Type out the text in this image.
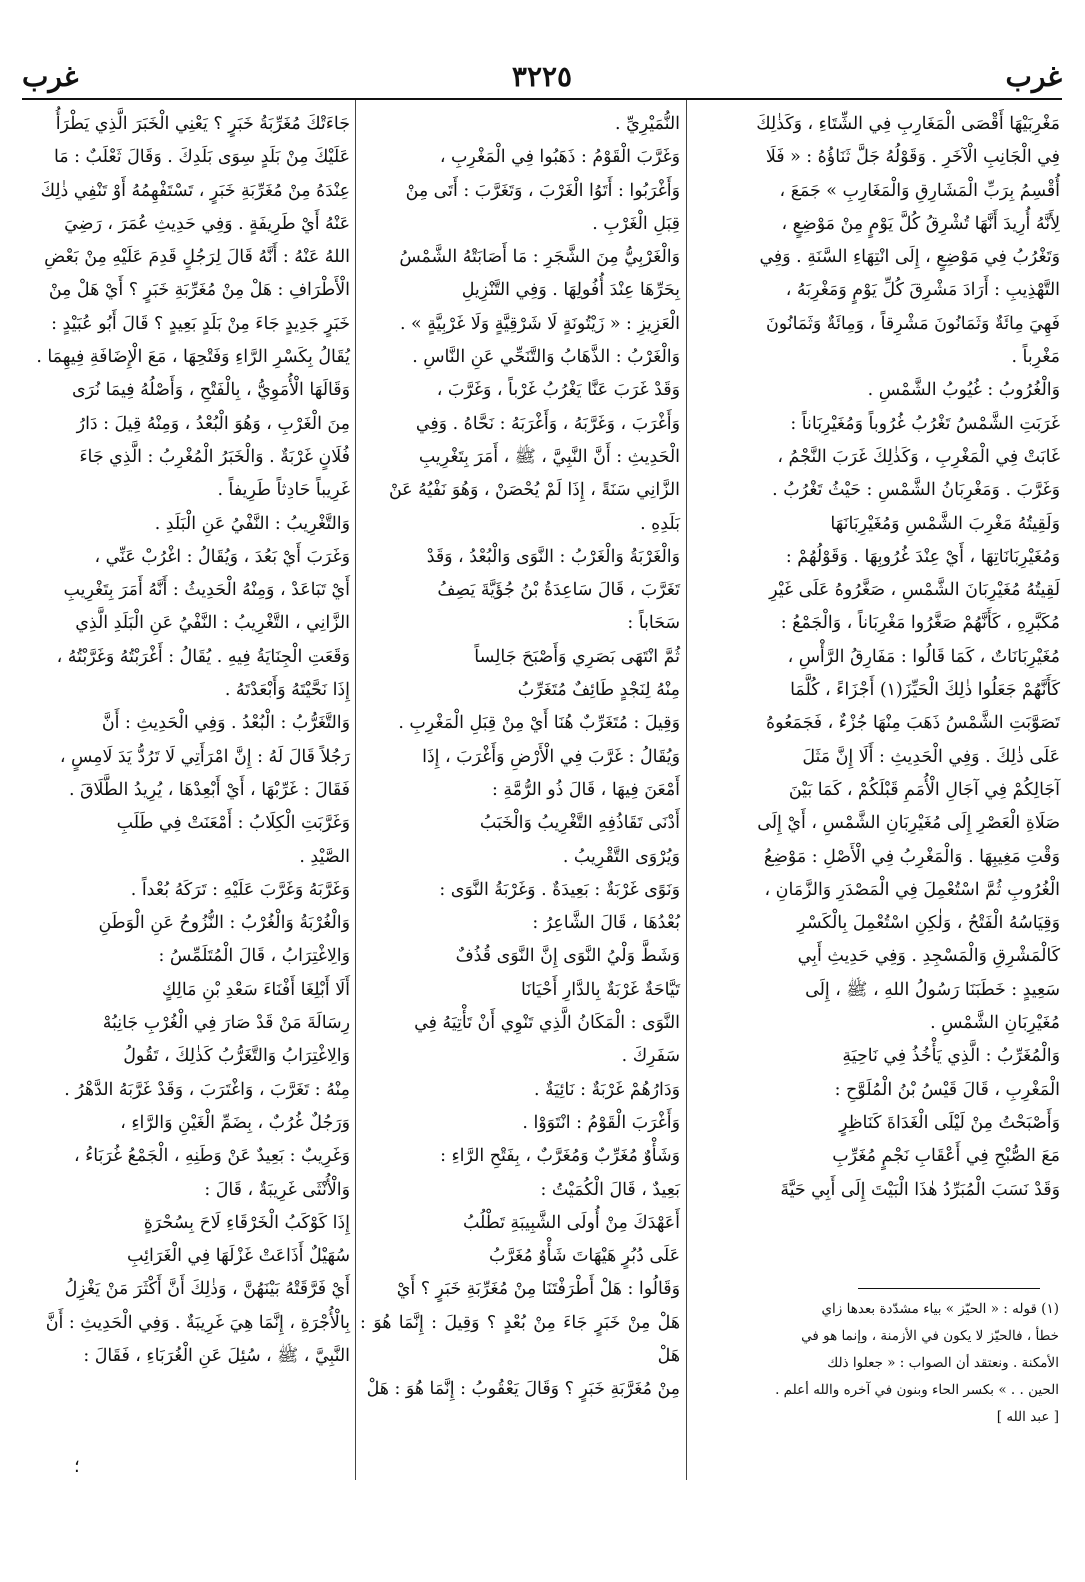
غرب	٣٢٢٥	غرب

مَغْرِبَيْهَا أَقْصَى الْمَغَارِبِ فِي الشِّتَاءِ ، وَكَذٰلِكَ

فِي الْجَانِبِ الْآخَرِ . وَقَوْلُهُ جَلَّ ثَنَاؤُهُ : « فَلَا

أُقْسِمُ بِرَبِّ الْمَشَارِقِ وَالْمَغَارِبِ » جَمَعَ ،

لِأَنَّهُ أُرِيدَ أَنَّهَا تُشْرِقُ كُلَّ يَوْمٍ مِنْ مَوْضِعٍ ،

وَتَغْرُبُ فِي مَوْضِعٍ ، إِلَى انْتِهَاءِ السَّنَةِ . وَفِي

التَّهْذِيبِ : أَرَادَ مَشْرِقَ كُلِّ يَوْمٍ وَمَغْرِبَهُ ،

فَهِيَ مِائَةٌ وَثَمَانُونَ مَشْرِقاً ، وَمِائَةٌ وَثَمَانُونَ

مَغْرِباً .

وَالْغُرُوبُ : غُيُوبُ الشَّمْسِ .

غَرَبَتِ الشَّمْسُ تَغْرُبُ غُرُوباً وَمُغَيْرِبَاناً :

غَابَتْ فِي الْمَغْرِبِ ، وَكَذٰلِكَ غَرَبَ النَّجْمُ ،

وَغَرَّبَ . وَمَغْرِبَانُ الشَّمْسِ : حَيْثُ تَغْرُبُ .

وَلَقِيتُهُ مَغْرِبَ الشَّمْسِ وَمُغَيْرِبَانَهَا

وَمُغَيْرِبَانَاتِهَا ، أَيْ عِنْدَ غُرُوبِهَا . وَقَوْلُهُمْ :

لَقِيتُهُ مُغَيْرِبَانَ الشَّمْسِ ، صَغَّرُوهُ عَلَى غَيْرِ

مُكَبَّرِهِ ، كَأَنَّهُمْ صَغَّرُوا مَغْرِبَاناً ، وَالْجَمْعُ :

مُغَيْرِبَانَاتٌ ، كَمَا قَالُوا : مَفَارِقُ الرَّأْسِ ،

كَأَنَّهُمْ جَعَلُوا ذٰلِكَ الْحَيِّزَ(١) أَجْزَاءً ، كُلَّمَا

تَصَوَّبَتِ الشَّمْسُ ذَهَبَ مِنْهَا جُزْءٌ ، فَجَمَعُوهُ

عَلَى ذٰلِكَ . وَفِي الْحَدِيثِ : أَلَا إِنَّ مَثَلَ

آجَالِكُمْ فِي آجَالِ الْأُمَمِ قَبْلَكُمْ ، كَمَا بَيْنَ

صَلَاةِ الْعَصْرِ إِلَى مُغَيْرِبَانِ الشَّمْسِ ، أَيْ إِلَى

وَقْتِ مَغِيبِهَا . وَالْمَغْرِبُ فِي الْأَصْلِ : مَوْضِعُ

الْغُرُوبِ ثُمَّ اسْتُعْمِلَ فِي الْمَصْدَرِ وَالزَّمَانِ ،

وَقِيَاسُهُ الْفَتْحُ ، وَلٰكِنِ اسْتُعْمِلَ بِالْكَسْرِ

كَالْمَشْرِقِ وَالْمَسْجِدِ . وَفِي حَدِيثِ أَبِي

سَعِيدٍ : خَطَبَنَا رَسُولُ اللهِ ، ﷺ ، إِلَى

مُغَيْرِبَانِ الشَّمْسِ .

وَالْمُغَرِّبُ : الَّذِي يَأْخُذُ فِي نَاحِيَةِ

الْمَغْرِبِ ، قَالَ قَيْسُ بْنُ الْمُلَوَّحِ :

وَأَصْبَحْتُ مِنْ لَيْلَى الْغَدَاةَ كَنَاظِرٍ

مَعَ الصُّبْحِ فِي أَعْقَابِ نَجْمٍ مُغَرِّبِ

وَقَدْ نَسَبَ الْمُبَرِّدُ هٰذَا الْبَيْتَ إِلَى أَبِي حَيَّةَ

النُّمَيْرِيِّ .

وَغَرَّبَ الْقَوْمُ : ذَهَبُوا فِي الْمَغْرِبِ ،

وَأَغْرَبُوا : أَتَوُا الْغَرْبَ ، وَتَغَرَّبَ : أَتَى مِنْ

قِبَلِ الْغَرْبِ .

وَالْغَرْبِيُّ مِنَ الشَّجَرِ : مَا أَصَابَتْهُ الشَّمْسُ

بِحَرِّهَا عِنْدَ أُفُولِهَا . وَفِي التَّنْزِيلِ

الْعَزِيزِ : « زَيْتُونَةٍ لَا شَرْقِيَّةٍ وَلَا غَرْبِيَّةٍ » .

وَالْغَرْبُ : الذَّهَابُ وَالتَّنَحِّي عَنِ النَّاسِ .

وَقَدْ غَرَبَ عَنَّا يَغْرُبُ غَرْباً ، وَغَرَّبَ ،

وَأَغْرَبَ ، وَغَرَّبَهُ ، وَأَغْرَبَهُ : نَحَّاهُ . وَفِي

الْحَدِيثِ : أَنَّ النَّبِيَّ ، ﷺ ، أَمَرَ بِتَغْرِيبِ

الزَّانِي سَنَةً ، إِذَا لَمْ يُحْصَنْ ، وَهُوَ نَفْيُهُ عَنْ

بَلَدِهِ .

وَالْغَرْبَةُ وَالْغَرْبُ : النَّوَى وَالْبُعْدُ ، وَقَدْ

تَغَرَّبَ ، قَالَ سَاعِدَةُ بْنُ جُؤَيَّةَ يَصِفُ

سَحَاباً :

ثُمَّ انْتَهَى بَصَرِي وَأَصْبَحَ جَالِساً

مِنْهُ لِنَجْدٍ طَائِفٌ مُتَغَرِّبُ

وَقِيلَ : مُتَغَرِّبٌ هُنَا أَيْ مِنْ قِبَلِ الْمَغْرِبِ .

وَيُقَالُ : غَرَّبَ فِي الْأَرْضِ وَأَغْرَبَ ، إِذَا

أَمْعَنَ فِيهَا ، قَالَ ذُو الرُّمَّةِ :

أَدْنَى تَقَاذُفِهِ التَّغْرِيبُ وَالْخَبَبُ

وَيُرْوَى التَّقْرِيبُ .

وَنَوًى غَرْبَةٌ : بَعِيدَةٌ . وَغَرْبَةُ النَّوَى :

بُعْدُهَا ، قَالَ الشَّاعِرُ :

وَشَطَّ وَلْيُ النَّوَى إِنَّ النَّوَى قُذُفٌ

تَيَّاحَةٌ غَرْبَةٌ بِالدَّارِ أَحْيَانَا

النَّوَى : الْمَكَانُ الَّذِي تَنْوِي أَنْ تَأْتِيَهُ فِي

سَفَرِكَ .

وَدَارُهُمْ غَرْبَةٌ : نَائِيَةٌ .

وَأَغْرَبَ الْقَوْمُ : انْتَوَوْا .

وَشَأْوٌ مُغَرِّبٌ وَمُغَرَّبٌ ، بِفَتْحِ الرَّاءِ :

بَعِيدٌ ، قَالَ الْكُمَيْتُ :

أَعَهْدَكَ مِنْ أُولَى الشَّبِيبَةِ تَطْلُبُ

عَلَى دُبُرٍ هَيْهَاتَ شَأْوٌ مُغَرَّبُ

وَقَالُوا : هَلْ أَطْرَفْتَنَا مِنْ مُغَرِّبَةِ خَبَرٍ ؟ أَيْ

هَلْ مِنْ خَبَرٍ جَاءَ مِنْ بُعْدٍ ؟ وَقِيلَ : إِنَّمَا هُوَ : هَلْ

مِنْ مُغَرَّبَةِ خَبَرٍ ؟ وَقَالَ يَعْقُوبُ : إِنَّمَا هُوَ : هَلْ

جَاءَتْكَ مُغَرِّبَةُ خَبَرٍ ؟ يَعْنِي الْخَبَرَ الَّذِي يَطْرَأُ

عَلَيْكَ مِنْ بَلَدٍ سِوَى بَلَدِكَ . وَقَالَ ثَعْلَبٌ : مَا

عِنْدَهُ مِنْ مُغَرِّبَةِ خَبَرٍ ، تَسْتَفْهِمُهُ أَوْ تَنْفِي ذٰلِكَ

عَنْهُ أَيْ طَرِيفَةٍ . وَفِي حَدِيثِ عُمَرَ ، رَضِيَ

اللهُ عَنْهُ : أَنَّهُ قَالَ لِرَجُلٍ قَدِمَ عَلَيْهِ مِنْ بَعْضِ

الْأَطْرَافِ : هَلْ مِنْ مُغَرِّبَةِ خَبَرٍ ؟ أَيْ هَلْ مِنْ

خَبَرٍ جَدِيدٍ جَاءَ مِنْ بَلَدٍ بَعِيدٍ ؟ قَالَ أَبُو عُبَيْدٍ :

يُقَالُ بِكَسْرِ الرَّاءِ وَفَتْحِهَا ، مَعَ الْإِضَافَةِ فِيهِمَا .

وَقَالَهَا الْأُمَوِيُّ ، بِالْفَتْحِ ، وَأَصْلُهُ فِيمَا نُرَى

مِنَ الْغَرْبِ ، وَهُوَ الْبُعْدُ ، وَمِنْهُ قِيلَ : دَارُ

فُلَانٍ غَرْبَةٌ . وَالْخَبَرُ الْمُغْرِبُ : الَّذِي جَاءَ

غَرِيباً حَادِثاً طَرِيفاً .

وَالتَّغْرِيبُ : النَّفْيُ عَنِ الْبَلَدِ .

وَغَرَبَ أَيْ بَعُدَ ، وَيُقَالُ : اغْرُبْ عَنِّي ،

أَيْ تَبَاعَدْ ، وَمِنْهُ الْحَدِيثُ : أَنَّهُ أَمَرَ بِتَغْرِيبِ

الزَّانِي ، التَّغْرِيبُ : النَّفْيُ عَنِ الْبَلَدِ الَّذِي

وَقَعَتِ الْجِنَايَةُ فِيهِ . يُقَالُ : أَغْرَبْتُهُ وَغَرَّبْتُهُ ،

إِذَا نَحَّيْتَهُ وَأَبْعَدْتَهُ .

وَالتَّغَرُّبُ : الْبُعْدُ . وَفِي الْحَدِيثِ : أَنَّ

رَجُلاً قَالَ لَهُ : إِنَّ امْرَأَتِي لَا تَرُدُّ يَدَ لَامِسٍ ،

فَقَالَ : غَرِّبْهَا ، أَيْ أَبْعِدْهَا ، يُرِيدُ الطَّلَاقَ .

وَغَرَّبَتِ الْكِلَابُ : أَمْعَنَتْ فِي طَلَبِ

الصَّيْدِ .

وَغَرَّبَهُ وَغَرَّبَ عَلَيْهِ : تَرَكَهُ بُعْداً .

وَالْغُرْبَةُ وَالْغُرْبُ : النُّزُوحُ عَنِ الْوَطَنِ

وَالِاغْتِرَابُ ، قَالَ الْمُتَلَمِّسُ :

أَلَا أَبْلِغَا أَفْنَاءَ سَعْدِ بْنِ مَالِكٍ

رِسَالَةَ مَنْ قَدْ صَارَ فِي الْغُرْبِ جَانِبُهْ

وَالِاغْتِرَابُ وَالتَّغَرُّبُ كَذٰلِكَ ، تَقُولُ

مِنْهُ : تَغَرَّبَ ، وَاغْتَرَبَ ، وَقَدْ غَرَّبَهُ الدَّهْرُ .

وَرَجُلٌ غُرُبٌ ، بِضَمِّ الْغَيْنِ وَالرَّاءِ ،

وَغَرِيبٌ : بَعِيدٌ عَنْ وَطَنِهِ ، الْجَمْعُ غُرَبَاءُ ،

وَالْأُنْثَى غَرِيبَةٌ ، قَالَ :

إِذَا كَوْكَبُ الْخَرْقَاءِ لَاحَ بِسُحْرَةٍ

سُهَيْلٌ أَذَاعَتْ غَزْلَهَا فِي الْغَرَائِبِ

أَيْ فَرَّقَتْهُ بَيْنَهُنَّ ، وَذٰلِكَ أَنَّ أَكْثَرَ مَنْ يَغْزِلُ

بِالْأُجْرَةِ ، إِنَّمَا هِيَ غَرِيبَةٌ . وَفِي الْحَدِيثِ : أَنَّ

النَّبِيَّ ، ﷺ ، سُئِلَ عَنِ الْغُرَبَاءِ ، فَقَالَ :

(١) قوله : « الحيّز » بياء مشدّدة بعدها زاي

خطأ ، فالحيّز لا يكون في الأزمنة ، وإنما هو في

الأمكنة . ونعتقد أن الصواب : « جعلوا ذلك

الحين . . » بكسر الحاء وبنون في آخره والله أعلم .

[ عبد الله ]

؛
